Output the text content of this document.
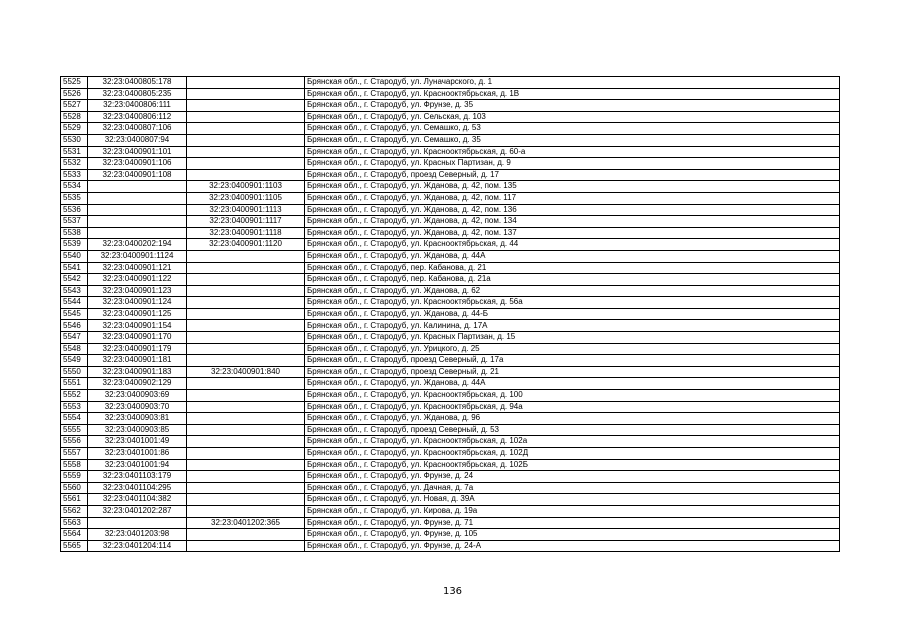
5525	32:23:0400805:178		Брянская обл., г. Стародуб, ул. Луначарского, д. 1
5526	32:23:0400805:235		Брянская обл., г. Стародуб, ул. Краснооктябрьская, д. 1В
5527	32:23:0400806:111		Брянская обл., г. Стародуб, ул. Фрунзе, д. 35
5528	32:23:0400806:112		Брянская обл., г. Стародуб, ул. Сельская, д. 103
5529	32:23:0400807:106		Брянская обл., г. Стародуб, ул. Семашко, д. 53
5530	32:23:0400807:94		Брянская обл., г. Стародуб, ул. Семашко, д. 35
5531	32:23:0400901:101		Брянская обл., г. Стародуб, ул. Краснооктябрьская, д. 60-а
5532	32:23:0400901:106		Брянская обл., г. Стародуб, ул. Красных Партизан, д. 9
5533	32:23:0400901:108		Брянская обл., г. Стародуб, проезд Северный, д. 17
5534		32:23:0400901:1103	Брянская обл., г. Стародуб, ул. Жданова, д. 42, пом. 135
5535		32:23:0400901:1105	Брянская обл., г. Стародуб, ул. Жданова, д. 42, пом. 117
5536		32:23:0400901:1113	Брянская обл., г. Стародуб, ул. Жданова, д. 42, пом. 136
5537		32:23:0400901:1117	Брянская обл., г. Стародуб, ул. Жданова, д. 42, пом. 134
5538		32:23:0400901:1118	Брянская обл., г. Стародуб, ул. Жданова, д. 42, пом. 137
5539	32:23:0400202:194	32:23:0400901:1120	Брянская обл., г. Стародуб, ул. Краснооктябрьская, д. 44
5540	32:23:0400901:1124		Брянская обл., г. Стародуб, ул. Жданова, д. 44А
5541	32:23:0400901:121		Брянская обл., г. Стародуб, пер. Кабанова, д. 21
5542	32:23:0400901:122		Брянская обл., г. Стародуб, пер. Кабанова, д. 21а
5543	32:23:0400901:123		Брянская обл., г. Стародуб, ул. Жданова, д. 62
5544	32:23:0400901:124		Брянская обл., г. Стародуб, ул. Краснооктябрьская, д. 56а
5545	32:23:0400901:125		Брянская обл., г. Стародуб, ул. Жданова, д. 44-Б
5546	32:23:0400901:154		Брянская обл., г. Стародуб, ул. Калинина, д. 17А
5547	32:23:0400901:170		Брянская обл., г. Стародуб, ул. Красных Партизан, д. 15
5548	32:23:0400901:179		Брянская обл., г. Стародуб, ул. Урицкого, д. 25
5549	32:23:0400901:181		Брянская обл., г. Стародуб, проезд Северный, д. 17а
5550	32:23:0400901:183	32:23:0400901:840	Брянская обл., г. Стародуб, проезд Северный, д. 21
5551	32:23:0400902:129		Брянская обл., г. Стародуб, ул. Жданова, д. 44А
5552	32:23:0400903:69		Брянская обл., г. Стародуб, ул. Краснооктябрьская, д. 100
5553	32:23:0400903:70		Брянская обл., г. Стародуб, ул. Краснооктябрьская, д. 94а
5554	32:23:0400903:81		Брянская обл., г. Стародуб, ул. Жданова, д. 96
5555	32:23:0400903:85		Брянская обл., г. Стародуб, проезд Северный, д. 53
5556	32:23:0401001:49		Брянская обл., г. Стародуб, ул. Краснооктябрьская, д. 102а
5557	32:23:0401001:86		Брянская обл., г. Стародуб, ул. Краснооктябрьская, д. 102Д
5558	32:23:0401001:94		Брянская обл., г. Стародуб, ул. Краснооктябрьская, д. 102Б
5559	32:23:0401103:179		Брянская обл., г. Стародуб, ул. Фрунзе, д. 24
5560	32:23:0401104:295		Брянская обл., г. Стародуб, ул. Дачная, д. 7а
5561	32:23:0401104:382		Брянская обл., г. Стародуб, ул. Новая, д. 39А
5562	32:23:0401202:287		Брянская обл., г. Стародуб, ул. Кирова, д. 19а
5563		32:23:0401202:365	Брянская обл., г. Стародуб, ул. Фрунзе, д. 71
5564	32:23:0401203:98		Брянская обл., г. Стародуб, ул. Фрунзе, д. 105
5565	32:23:0401204:114		Брянская обл., г. Стародуб, ул. Фрунзе, д. 24-А
136
